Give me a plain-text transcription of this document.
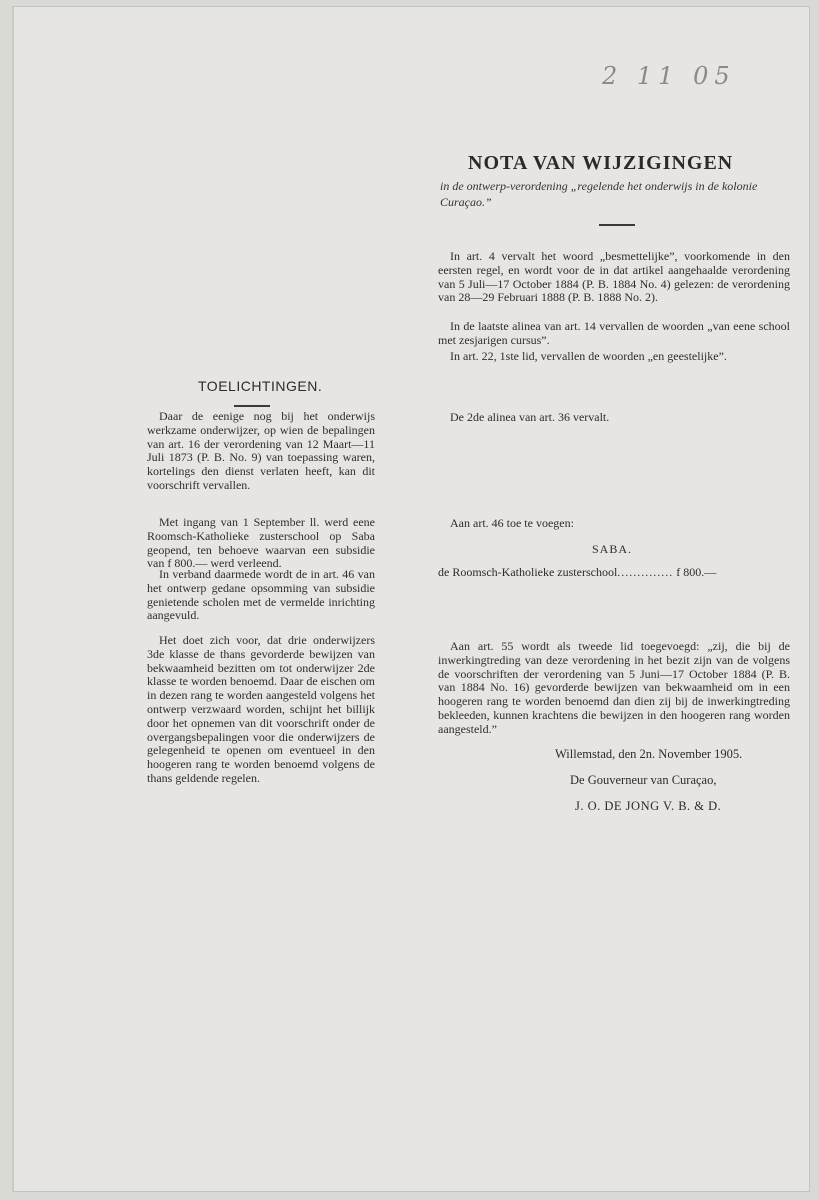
2 11 05
NOTA VAN WIJZIGINGEN
in de ontwerp-verordening „regelende het onderwijs in de kolonie Curaçao.”
TOELICHTINGEN.

Daar de eenige nog bij het onderwijs werkzame onderwijzer, op wien de bepalingen van art. 16 der verordening van 12 Maart—11 Juli 1873 (P. B. No. 9) van toepassing waren, kortelings den dienst verlaten heeft, kan dit voorschrift vervallen.

Met ingang van 1 September ll. werd eene Roomsch-Katholieke zusterschool op Saba geopend, ten behoeve waarvan een subsidie van f 800.— werd verleend.

In verband daarmede wordt de in art. 46 van het ontwerp gedane opsomming van subsidie genietende scholen met de vermelde inrichting aangevuld.

Het doet zich voor, dat drie onderwijzers 3de klasse de thans gevorderde bewijzen van bekwaamheid bezitten om tot onderwijzer 2de klasse te worden benoemd. Daar de eischen om in dezen rang te worden aangesteld volgens het ontwerp verzwaard worden, schijnt het billijk door het opnemen van dit voorschrift onder de overgangsbepalingen voor die onderwijzers de gelegenheid te openen om eventueel in den hoogeren rang te worden benoemd volgens de thans geldende regelen.

In art. 4 vervalt het woord „besmettelijke”, voorkomende in den eersten regel, en wordt voor de in dat artikel aangehaalde verordening van 5 Juli—17 October 1884 (P. B. 1884 No. 4) gelezen: de verordening van 28—29 Februari 1888 (P. B. 1888 No. 2).

In de laatste alinea van art. 14 vervallen de woorden „van eene school met zesjarigen cursus”.

In art. 22, 1ste lid, vervallen de woorden „en geestelijke”.

De 2de alinea van art. 36 vervalt.

Aan art. 46 toe te voegen:

SABA.
de Roomsch-Katholieke zusterschool.............. f 800.—

Aan art. 55 wordt als tweede lid toegevoegd: „zij, die bij de inwerkingtreding van deze verordening in het bezit zijn van de volgens de voorschriften der verordening van 5 Juni—17 October 1884 (P. B. van 1884 No. 16) gevorderde bewijzen van bekwaamheid om in een hoogeren rang te worden benoemd dan dien zij bij de inwerkingtreding bekleeden, kunnen krachtens die bewijzen in den hoogeren rang worden aangesteld.”

Willemstad, den 2n. November 1905.
De Gouverneur van Curaçao,
J. O. DE JONG V. B. & D.
